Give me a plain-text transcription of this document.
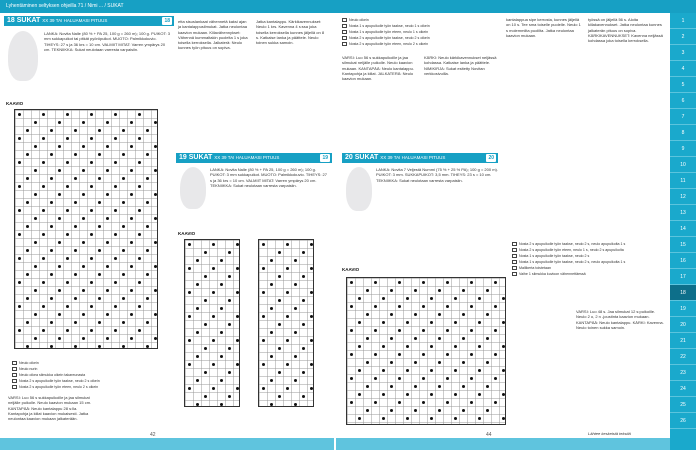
Lyhentäminen seltyksen ohjeilla 71 / Nimi ... / SUKAT
1
2
3
4
5
6
7
8
9
10
11
12
13
14
15
16
17
18
19
20
21
22
23
24
25
26
18 SUKAT XX 39 TAI HALUAMASI PITUUS	18
LANKA: Novita Nalle (80 % + PA 25, 100 g = 260 m); 100 g. PUIKOT: 3 mm sukkapuikot tai pitkät pyöröpuikot. MUOTO: Palmikkokuvio. TIHEYS: 27 s ja 36 krs = 10 cm. VALMIIT MITAT: Varren ympärys 20 cm. TEKNIIKKA: Sukat neulotaan varresta varpaisiin.
etta sisuslankaat vähennetä kaksi ajan ja kantalappusilmukat. Jatka neulontaa kaavion mukaan. Kiilavähennykset: Vähennä kummaltakin puolelta 1 s joka toisella kerroksella. Jalkaterä: Neulo kunnes työn pituus on sopiva.
Jatka kantalappu. Kärkikavennukset: Neulo 1 krs. Kavenna 4 s:ssa joka toisella kerroksella kunnes jäljellä on 8 s. Katkaise lanka ja päättele. Neulo toinen sukka samoin.
KAAVIO
Neulo oikein
Neulo nurin
Neulo oikea silmukka oikein takareunasta
Nosta 2 s apupuikolle työn taakse, neulo 2 s oikein
Nosta 2 s apupuikolle työn eteen, neulo 2 s oikein
VARSI: Luo 56 s sukkapuikoille ja jaa silmukat neljälle puikolle. Neulo kaavion mukaan 15 cm. KANTAPÄÄ: Neulo kantalappu 28 s:lla. Kantapohja ja kiilat kaavion mukaisesti. Jatka neulontaa kaavion mukaan jalkaterään.
19 SUKAT XX 39 TAI HALUAMASI PITUUS	19
LANKA: Novita Nalle (80 % + PA 25, 100 g = 260 m); 100 g. PUIKOT: 3 mm sukkapuikot. MUOTO: Palmikkokuvio. TIHEYS: 27 s ja 36 krs = 10 cm. VALMIIT MITAT: Varren ympärys 20 cm. TEKNIIKKA: Sukat neulotaan varresta varpaisiin.
KAAVIO
42
Neulo oikein
Nosta 1 s apupuikolle työn taakse, neulo 1 s oikein
Nosta 1 s apupuikolle työn eteen, neulo 1 s oikein
Nosta 2 s apupuikolle työn taakse, neulo 2 s oikein
Nosta 2 s apupuikolle työn eteen, neulo 2 s oikein
VARSI: Luo 56 s sukkapuikoille ja jaa silmukat neljälle puikolle. Neulo kaavion mukaan. KANTAPÄÄ: Neulo kantalappu. Kantapohja ja kiilat. JALKATERÄ: Neulo kaavion mukaan.
KÄRKI: Neulo kärkikavennukset neljässä kohdassa. Katkaise lanka ja päättele. NIMIKIRJA: Sukat esitetty Novitan verkkosivuilla.
kantalappua sipe kerrosta, kunnes jäljellä on 10 s. Tee sma toiselle puolelle. Neulo 1 s molemmilta puolilta. Jatka neulontaa kaavion mukaan.
työssä on jäljellä 56 s. Aloita kiilakavennukset. Jatka neulontaa kunnes jalkaterän pituus on sopiva. KÄRKIKAVENNUKSET: Kavenna neljässä kohdassa joka toisella kerroksella.
20 SUKAT XX 39 TAI HALUAMASI PITUUS	20
LANKA: Novita 7 Veljestä Nummi (75 % + 25 % PA); 100 g = 200 m). PUIKOT: 3 mm. SUKKAPUIKOT: 3,5 mm. TIHEYS: 23 s = 10 cm. TEKNIIKKA: Sukat neulotaan varresta varpaisiin.
KAAVIO
Nosta 2 s apupuikolle työn taakse, neulo 2 s, neulo apupuikolta 1 s
Nosta 2 s apupuikolle työn eteen, neulo 1 s, neulo 2 s apupuikolta
Nosta 1 s apupuikolle työn taakse, neulo 2 s
Nosta 1 s apupuikolle työn taakse, neulo 2 s, neulo apupuikolta 1 s
Mallikerta toistetaan
Vaihe 1 silmukka kuvioon vähennettäessä
VARSI: Luo 48 s. Jaa silmukat 12 s:puikoille. Neulo 2 o, 2 n -joustinta kaavion mukaan. KANTAPÄÄ: Neulo kantalappu. KÄRKI: Kavenna. Neulo toinen sukka samoin.
Lähtee keskeistä tekstiä
44
